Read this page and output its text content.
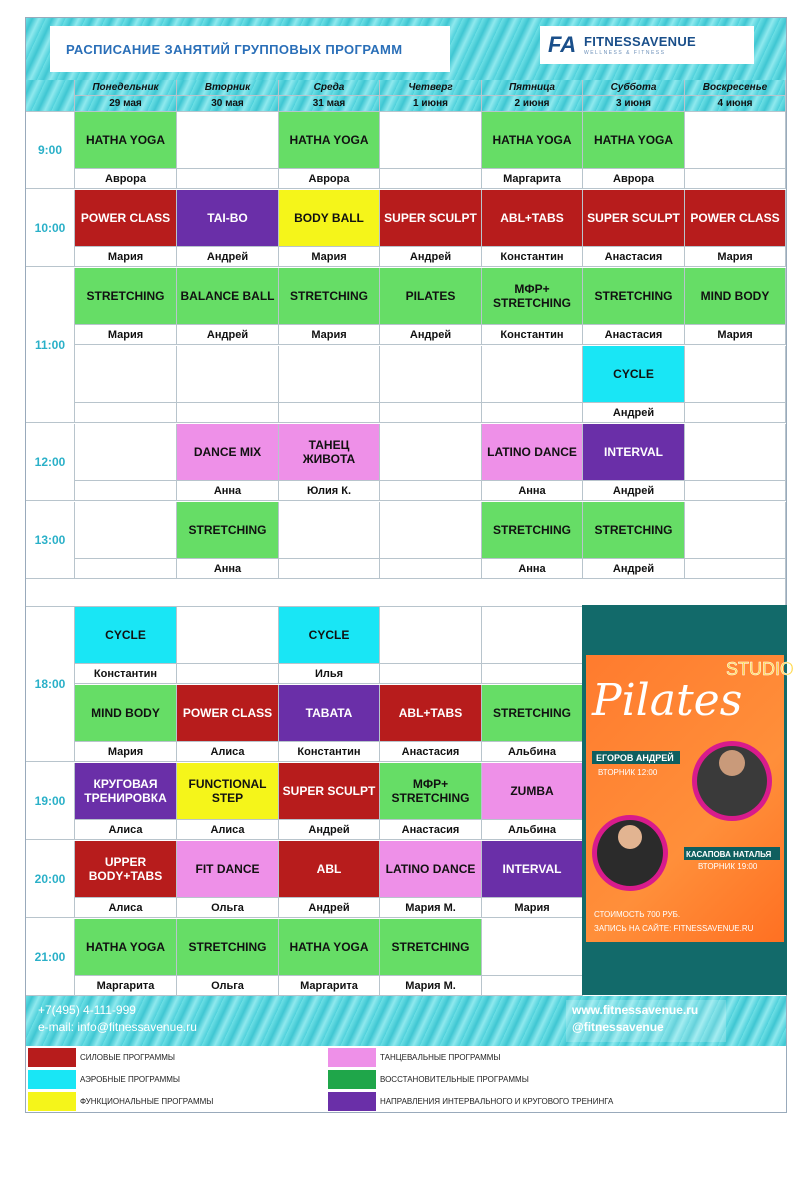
РАСПИСАНИЕ ЗАНЯТИЙ ГРУППОВЫХ ПРОГРАММ	FA FITNESSAVENUE
WELLNESS & FITNESS
Понедельник
29 мая
Вторник
30 мая
Среда
31 мая
Четверг
1 июня
Пятница
2 июня
Суббота
3 июня
Воскресенье
4 июня
9:00
10:00
11:00
12:00
13:00
18:00
19:00
20:00
21:00
HATHA YOGA
Аврора
HATHA YOGA
Аврора
HATHA YOGA
Маргарита
HATHA YOGA
Аврора
POWER CLASS
Мария
TAI-BO
Андрей
BODY BALL
Мария
SUPER SCULPT
Андрей
ABL+TABS
Константин
SUPER SCULPT
Анастасия
POWER CLASS
Мария
STRETCHING
Мария
BALANCE BALL
Андрей
STRETCHING
Мария
PILATES
Андрей
МФР+ STRETCHING
Константин
STRETCHING
Анастасия
MIND BODY
Мария
CYCLE
Андрей
DANCE MIX
Анна
ТАНЕЦ ЖИВОТА
Юлия К.
LATINO DANCE
Анна
INTERVAL
Андрей
STRETCHING
Анна
STRETCHING
Анна
STRETCHING
Андрей
CYCLE
Константин
CYCLE
Илья
MIND BODY
Мария
POWER CLASS
Алиса
TABATA
Константин
ABL+TABS
Анастасия
STRETCHING
Альбина
КРУГОВАЯ ТРЕНИРОВКА
Алиса
FUNCTIONAL STEP
Алиса
SUPER SCULPT
Андрей
МФР+ STRETCHING
Анастасия
ZUMBA
Альбина
UPPER BODY+TABS
Алиса
FIT DANCE
Ольга
ABL
Андрей
LATINO DANCE
Мария М.
INTERVAL
Мария
HATHA YOGA
Маргарита
STRETCHING
Ольга
HATHA YOGA
Маргарита
STRETCHING
Мария М.
STUDIO
Pilates
ЕГОРОВ АНДРЕЙ
ВТОРНИК 12:00
КАСАПОВА НАТАЛЬЯ
ВТОРНИК 19:00
СТОИМОСТЬ 700 РУБ.
ЗАПИСЬ НА САЙТЕ: FITNESSAVENUE.RU
+7(495) 4-111-999
e-mail: info@fitnessavenue.ru
www.fitnessavenue.ru
@fitnessavenue
СИЛОВЫЕ ПРОГРАММЫ
АЭРОБНЫЕ ПРОГРАММЫ
ФУНКЦИОНАЛЬНЫЕ ПРОГРАММЫ
ТАНЦЕВАЛЬНЫЕ ПРОГРАММЫ
ВОССТАНОВИТЕЛЬНЫЕ ПРОГРАММЫ
НАПРАВЛЕНИЯ ИНТЕРВАЛЬНОГО И КРУГОВОГО ТРЕНИНГА
